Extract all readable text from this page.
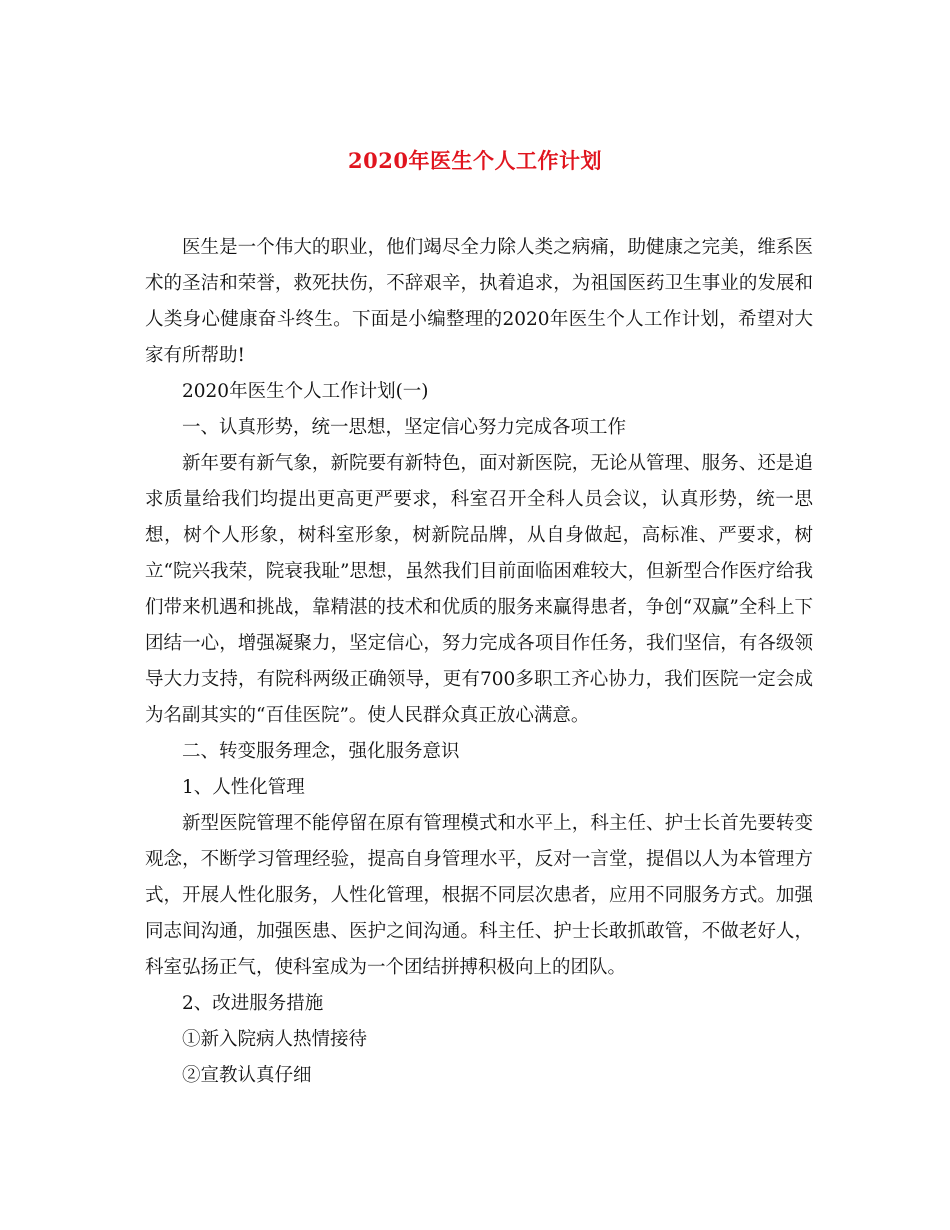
2020年医生个人工作计划

医生是一个伟大的职业，他们竭尽全力除人类之病痛，助健康之完美，维系医术的圣洁和荣誉，救死扶伤，不辞艰辛，执着追求，为祖国医药卫生事业的发展和人类身心健康奋斗终生。下面是小编整理的2020年医生个人工作计划，希望对大家有所帮助!

2020年医生个人工作计划(一)

一、认真形势，统一思想，坚定信心努力完成各项工作

新年要有新气象，新院要有新特色，面对新医院，无论从管理、服务、还是追求质量给我们均提出更高更严要求，科室召开全科人员会议，认真形势，统一思想，树个人形象，树科室形象，树新院品牌，从自身做起，高标准、严要求，树立“院兴我荣，院衰我耻”思想，虽然我们目前面临困难较大，但新型合作医疗给我们带来机遇和挑战，靠精湛的技术和优质的服务来赢得患者，争创“双赢”全科上下团结一心，增强凝聚力，坚定信心，努力完成各项目作任务，我们坚信，有各级领导大力支持，有院科两级正确领导，更有700多职工齐心协力，我们医院一定会成为名副其实的“百佳医院”。使人民群众真正放心满意。

二、转变服务理念，强化服务意识

1、人性化管理

新型医院管理不能停留在原有管理模式和水平上，科主任、护士长首先要转变观念，不断学习管理经验，提高自身管理水平，反对一言堂，提倡以人为本管理方式，开展人性化服务，人性化管理，根据不同层次患者，应用不同服务方式。加强同志间沟通，加强医患、医护之间沟通。科主任、护士长敢抓敢管，不做老好人，科室弘扬正气，使科室成为一个团结拼搏积极向上的团队。

2、改进服务措施

①新入院病人热情接待

②宣教认真仔细
